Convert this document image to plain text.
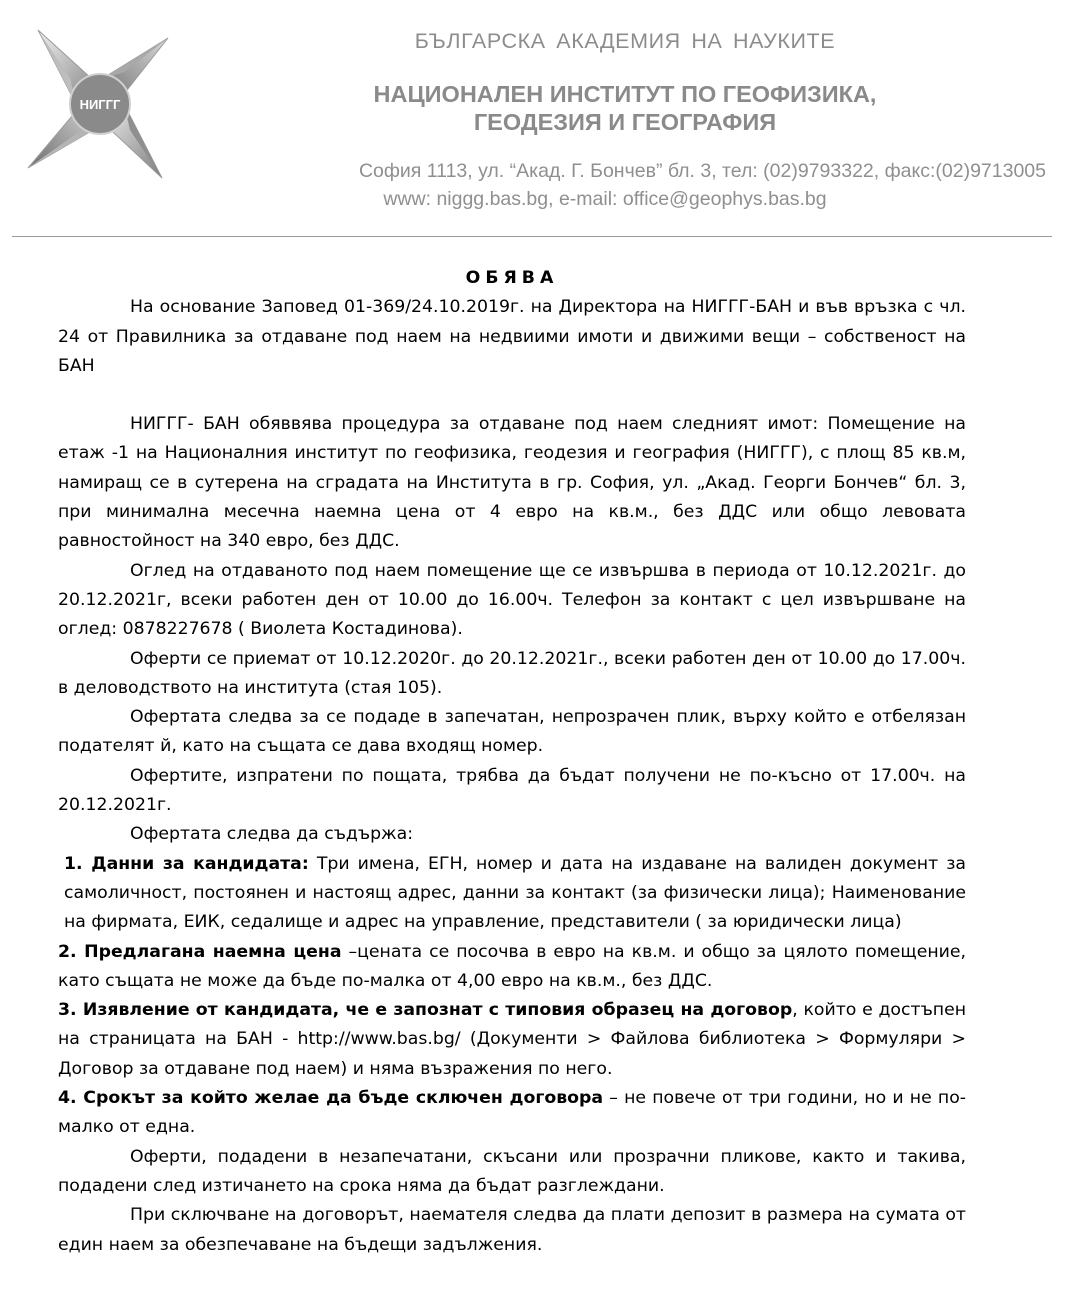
НИГГГ
БЪЛГАРСКА АКАДЕМИЯ НА НАУКИТЕ
НАЦИОНАЛЕН ИНСТИТУТ ПО ГЕОФИЗИКА,
ГЕОДЕЗИЯ И ГЕОГРАФИЯ
София 1113, ул. “Акад. Г. Бончев” бл. 3, тел: (02)9793322, факс:(02)9713005
www: niggg.bas.bg, e-mail: office@geophys.bas.bg

ОБЯВА

На основание Заповед 01-369/24.10.2019г. на Директора на НИГГГ-БАН и във връзка с чл. 24 от Правилника за отдаване под наем на недвиими имоти и движими вещи – собственост на БАН

НИГГГ- БАН обяввява процедура за отдаване под наем следният имот: Помещение на етаж -1 на Националния институт по геофизика, геодезия и география (НИГГГ), с площ 85 кв.м, намиращ се в сутерена на сградата на Института в гр. София, ул. „Акад. Георги Бончев“ бл. 3, при минимална месечна наемна цена от 4 евро на кв.м., без ДДС или общо левовата равностойност на 340 евро, без ДДС.

Оглед на отдаваното под наем помещение ще се извършва в периода от 10.12.2021г. до 20.12.2021г, всеки работен ден от 10.00 до 16.00ч. Телефон за контакт с цел извършване на оглед: 0878227678 ( Виолета Костадинова).

Оферти се приемат от 10.12.2020г. до 20.12.2021г., всеки работен ден от 10.00 до 17.00ч. в деловодството на института (стая 105).

Офертата следва за се подаде в запечатан, непрозрачен плик, върху който е отбелязан подателят й, като на същата се дава входящ номер.

Офертите, изпратени по пощата, трябва да бъдат получени не по-късно от 17.00ч. на 20.12.2021г.

Офертата следва да съдържа:

1. Данни за кандидата: Три имена, ЕГН, номер и дата на издаване на валиден документ за самоличност, постоянен и настоящ адрес, данни за контакт (за физически лица); Наименование на фирмата, ЕИК, седалище и адрес на управление, представители ( за юридически лица)

2. Предлагана наемна цена –цената се посочва в евро на кв.м. и общо за цялото помещение, като същата не може да бъде по-малка от 4,00 евро на кв.м., без ДДС.

3. Изявление от кандидата, че е запознат с типовия образец на договор, който е достъпен на страницата на БАН - http://www.bas.bg/ (Документи > Файлова библиотека > Формуляри > Договор за отдаване под наем) и няма възражения по него.

4. Срокът за който желае да бъде сключен договора – не повече от три години, но и не по-малко от една.

Оферти, подадени в незапечатани, скъсани или прозрачни пликове, както и такива, подадени след изтичането на срока няма да бъдат разглеждани.

При сключване на договорът, наемателя следва да плати депозит в размера на сумата от един наем за обезпечаване на бъдещи задължения.
